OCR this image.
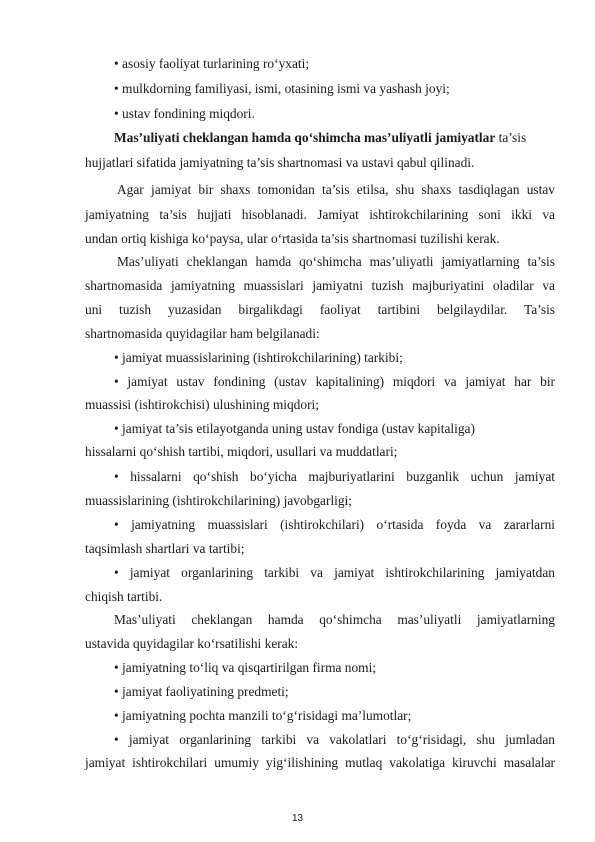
• asosiy faoliyat turlarining ro‘yxati;
• mulkdorning familiyasi, ismi, otasining ismi va yashash joyi;
• ustav fondining miqdori.
Mas’uliyati cheklangan hamda qo‘shimcha mas’uliyatli jamiyatlar ta’sis
hujjatlari sifatida jamiyatning ta’sis shartnomasi va ustavi qabul qilinadi.
Agar jamiyat bir shaxs tomonidan ta’sis etilsa, shu shaxs tasdiqlagan ustav
jamiyatning ta’sis hujjati hisoblanadi. Jamiyat ishtirokchilarining soni ikki va
undan ortiq kishiga ko‘paysa, ular o‘rtasida ta’sis shartnomasi tuzilishi kerak.
Mas’uliyati cheklangan hamda qo‘shimcha mas’uliyatli jamiyatlarning ta’sis
shartnomasida jamiyatning muassislari jamiyatni tuzish majburiyatini oladilar va
uni tuzish yuzasidan birgalikdagi faoliyat tartibini belgilaydilar. Ta’sis
shartnomasida quyidagilar ham belgilanadi:
• jamiyat muassislarining (ishtirokchilarining) tarkibi;
• jamiyat ustav fondining (ustav kapitalining) miqdori va jamiyat har bir
muassisi (ishtirokchisi) ulushining miqdori;
• jamiyat ta’sis etilayotganda uning ustav fondiga (ustav kapitaliga)
hissalarni qo‘shish tartibi, miqdori, usullari va muddatlari;
• hissalarni qo‘shish bo‘yicha majburiyatlarini buzganlik uchun jamiyat
muassislarining (ishtirokchilarining) javobgarligi;
• jamiyatning muassislari (ishtirokchilari) o‘rtasida foyda va zararlarni
taqsimlash shartlari va tartibi;
• jamiyat organlarining tarkibi va jamiyat ishtirokchilarining jamiyatdan
chiqish tartibi.
Mas’uliyati cheklangan hamda qo‘shimcha mas’uliyatli jamiyatlarning
ustavida quyidagilar ko‘rsatilishi kerak:
• jamiyatning to‘liq va qisqartirilgan firma nomi;
• jamiyat faoliyatining predmeti;
• jamiyatning pochta manzili to‘g‘risidagi ma’lumotlar;
• jamiyat organlarining tarkibi va vakolatlari to‘g‘risidagi, shu jumladan
jamiyat ishtirokchilari umumiy yig‘ilishining mutlaq vakolatiga kiruvchi masalalar
13
